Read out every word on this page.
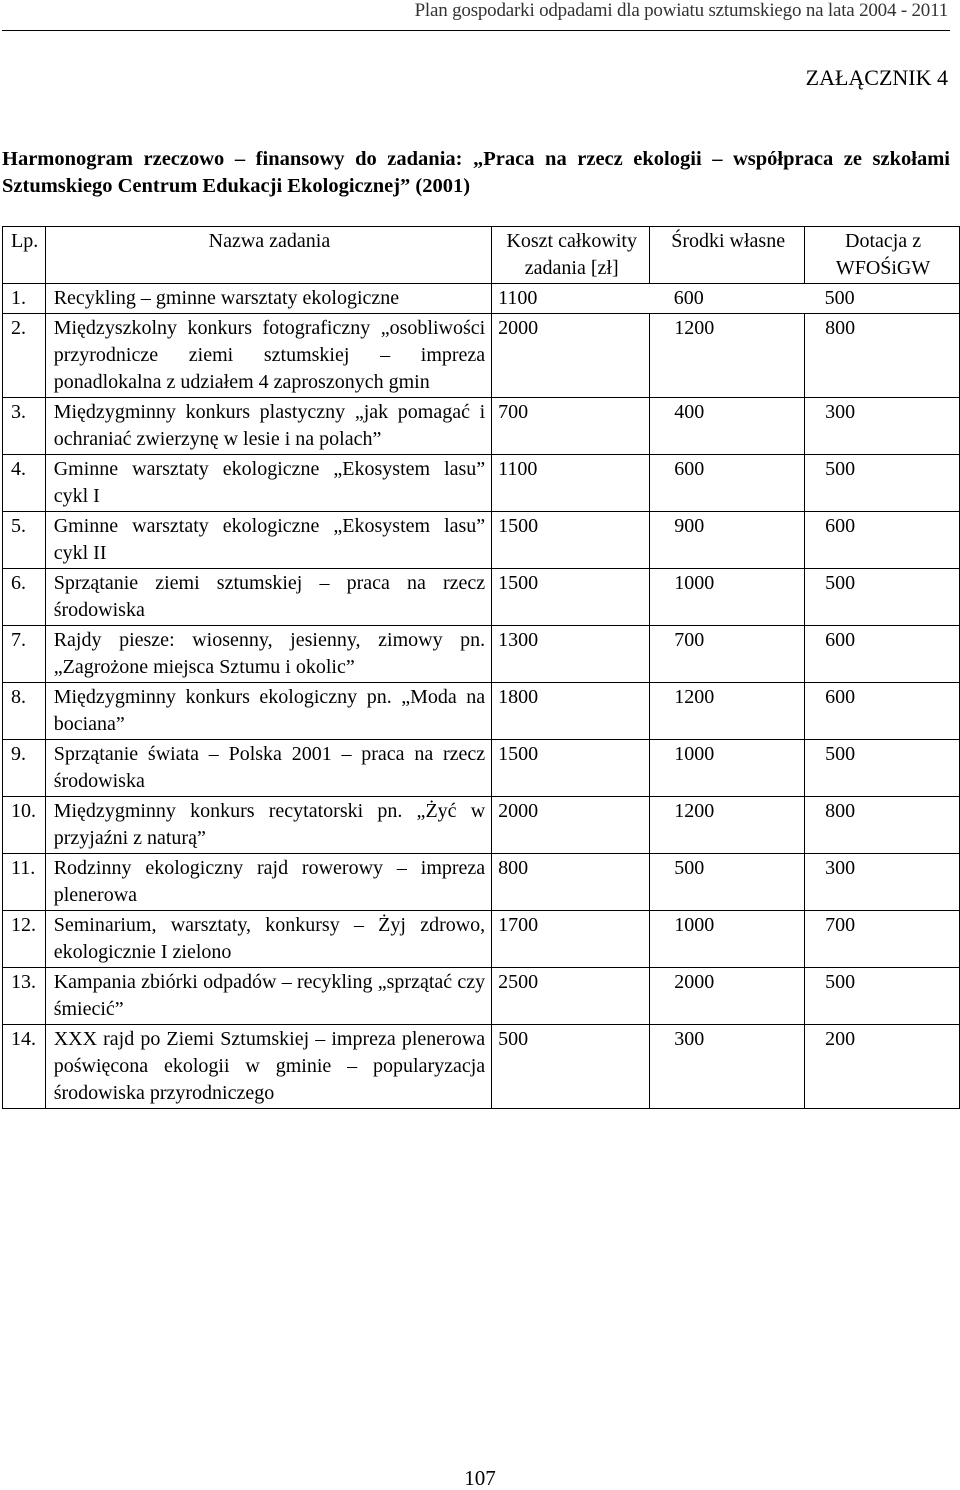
Plan gospodarki odpadami dla powiatu sztumskiego na lata 2004 - 2011
ZAŁĄCZNIK 4
Harmonogram rzeczowo – finansowy do zadania: „Praca na rzecz ekologii – współpraca ze szkołami Sztumskiego Centrum Edukacji Ekologicznej” (2001)
Lp.	Nazwa zadania	Koszt całkowity zadania [zł]	Środki własne	Dotacja z WFOŚiGW
1.	Recykling – gminne warsztaty ekologiczne	1100	600	500
2.	Międzyszkolny konkurs fotograficzny „osobliwości przyrodnicze ziemi sztumskiej – impreza ponadlokalna z udziałem 4 zaproszonych gmin	2000	1200	800
3.	Międzygminny konkurs plastyczny „jak pomagać i ochraniać zwierzynę w lesie i na polach”	700	400	300
4.	Gminne warsztaty ekologiczne „Ekosystem lasu” cykl I	1100	600	500
5.	Gminne warsztaty ekologiczne „Ekosystem lasu” cykl II	1500	900	600
6.	Sprzątanie ziemi sztumskiej – praca na rzecz środowiska	1500	1000	500
7.	Rajdy piesze: wiosenny, jesienny, zimowy pn. „Zagrożone miejsca Sztumu i okolic”	1300	700	600
8.	Międzygminny konkurs ekologiczny pn. „Moda na bociana”	1800	1200	600
9.	Sprzątanie świata – Polska 2001 – praca na rzecz środowiska	1500	1000	500
10.	Międzygminny konkurs recytatorski pn. „Żyć w przyjaźni z naturą”	2000	1200	800
11.	Rodzinny ekologiczny rajd rowerowy – impreza plenerowa	800	500	300
12.	Seminarium, warsztaty, konkursy – Żyj zdrowo, ekologicznie I zielono	1700	1000	700
13.	Kampania zbiórki odpadów – recykling „sprzątać czy śmiecić”	2500	2000	500
14.	XXX rajd po Ziemi Sztumskiej – impreza plenerowa poświęcona ekologii w gminie – popularyzacja środowiska przyrodniczego	500	300	200
107
